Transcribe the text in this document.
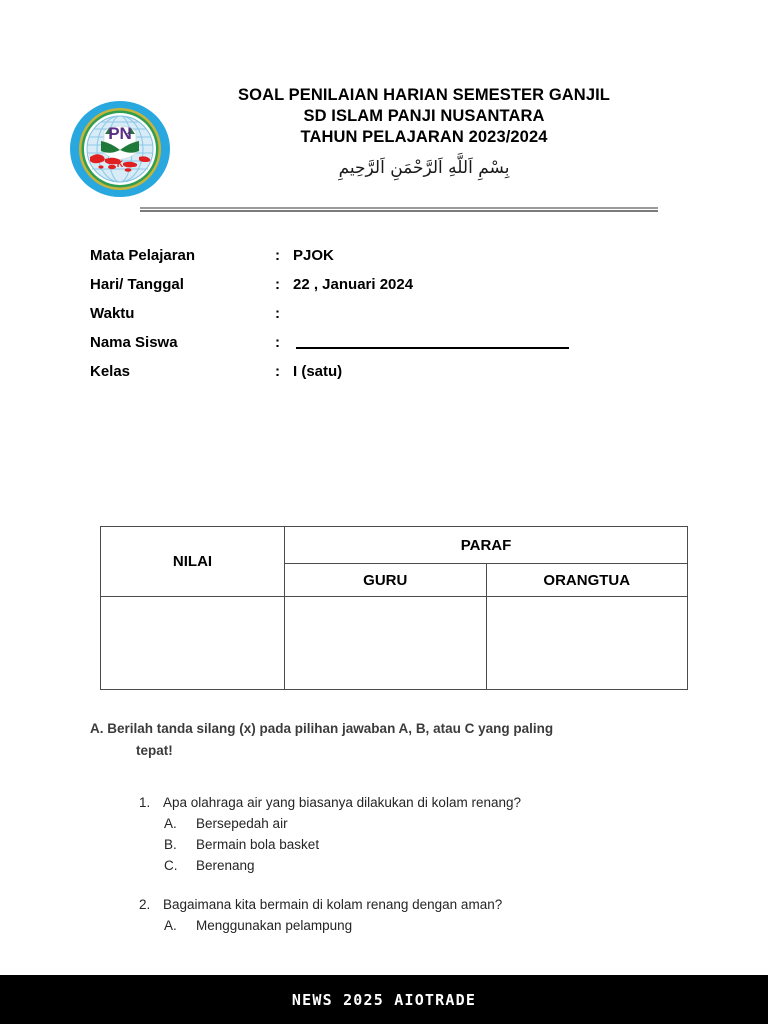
PN
K
SOAL PENILAIAN HARIAN SEMESTER GANJIL
SD ISLAM PANJI NUSANTARA
TAHUN PELAJARAN 2023/2024
بِسْمِ اَللَّهِ اَلرَّحْمَنِ اَلرَّحِيمِ
Mata Pelajaran	: PJOK
Hari/ Tanggal	: 22 , Januari 2024
Waktu	:
Nama Siswa	:
Kelas	: I (satu)
NILAI	PARAF	
	GURU	ORANGTUA

A. Berilah tanda silang (x) pada pilihan jawaban A, B, atau C yang paling
tepat!
1. Apa olahraga air yang biasanya dilakukan di kolam renang?
A.	Bersepedah air
B.	Bermain bola basket
C.	Berenang
2. Bagaimana kita bermain di kolam renang dengan aman?
A.	Menggunakan pelampung
NEWS 2025 AIOTRADE
